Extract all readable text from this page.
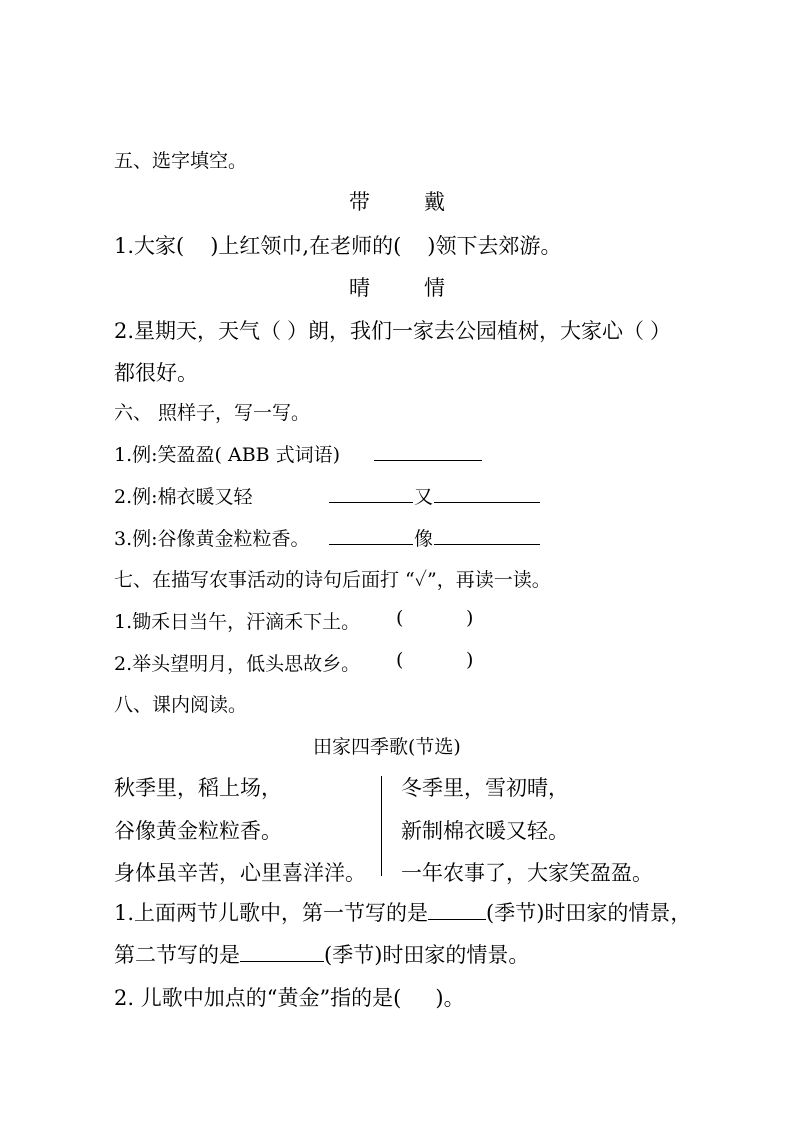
五、选字填空。
带	戴
1.大家( )上红领巾,在老师的( )领下去郊游。
晴	情
2.星期天，天气（ ）朗，我们一家去公园植树，大家心（ ）
都很好。
六、 照样子，写一写。
1.例:笑盈盈( ABB 式词语)
2.例:棉衣暖又轻	又
3.例:谷像黄金粒粒香。	像
七、在描写农事活动的诗句后面打 “✓”，再读一读。
1.锄禾日当午，汗滴禾下土。 (	)
2.举头望明月，低头思故乡。 (	)
八、课内阅读。
田家四季歌(节选)
秋季里，稻上场，
谷像黄金粒粒香。
身体虽辛苦，心里喜洋洋。
冬季里，雪初晴，
新制棉衣暖又轻。
一年农事了，大家笑盈盈。
1.上面两节儿歌中，第一节写的是	(季节)时田家的情景，
第二节写的是	(季节)时田家的情景。
2. 儿歌中加点的“黄金”指的是( )。
